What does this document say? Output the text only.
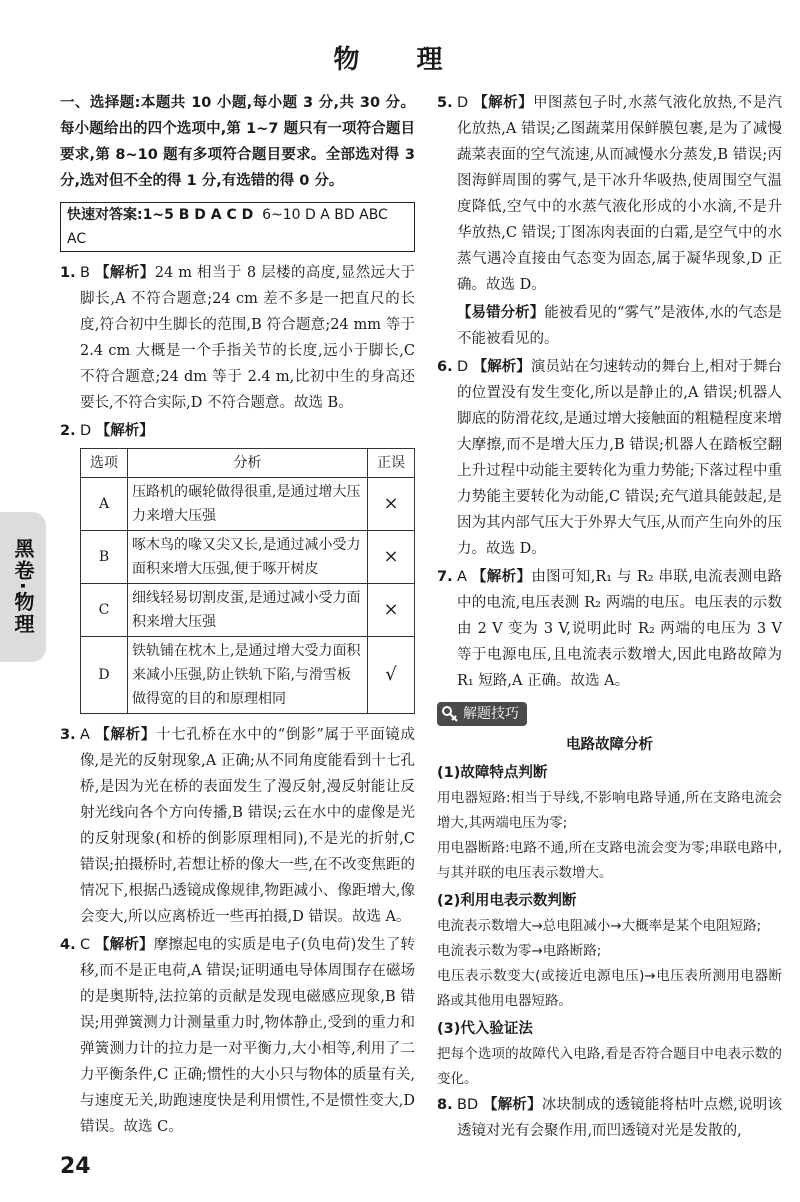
物 理
黑卷·物理

一、选择题:本题共 10 小题,每小题 3 分,共 30 分。每小题给出的四个选项中,第 1~7 题只有一项符合题目要求,第 8~10 题有多项符合题目要求。全部选对得 3 分,选对但不全的得 1 分,有选错的得 0 分。

快速对答案:1~5 B D A C D 6~10 D A BD ABC AC
1. B 【解析】24 m 相当于 8 层楼的高度,显然远大于脚长,A 不符合题意;24 cm 差不多是一把直尺的长度,符合初中生脚长的范围,B 符合题意;24 mm 等于 2.4 cm 大概是一个手指关节的长度,远小于脚长,C 不符合题意;24 dm 等于 2.4 m,比初中生的身高还要长,不符合实际,D 不符合题意。故选 B。

2. D 【解析】

选项	分析	正误
A	压路机的碾轮做得很重,是通过增大压力来增大压强	×
B	啄木鸟的喙又尖又长,是通过减小受力面积来增大压强,便于啄开树皮	×
C	细线轻易切割皮蛋,是通过减小受力面积来增大压强	×
D	铁轨铺在枕木上,是通过增大受力面积来减小压强,防止铁轨下陷,与滑雪板做得宽的目的和原理相同	√
3. A 【解析】十七孔桥在水中的“倒影”属于平面镜成像,是光的反射现象,A 正确;从不同角度能看到十七孔桥,是因为光在桥的表面发生了漫反射,漫反射能让反射光线向各个方向传播,B 错误;云在水中的虚像是光的反射现象(和桥的倒影原理相同),不是光的折射,C 错误;拍摄桥时,若想让桥的像大一些,在不改变焦距的情况下,根据凸透镜成像规律,物距减小、像距增大,像会变大,所以应离桥近一些再拍摄,D 错误。故选 A。

4. C 【解析】摩擦起电的实质是电子(负电荷)发生了转移,而不是正电荷,A 错误;证明通电导体周围存在磁场的是奥斯特,法拉第的贡献是发现电磁感应现象,B 错误;用弹簧测力计测量重力时,物体静止,受到的重力和弹簧测力计的拉力是一对平衡力,大小相等,利用了二力平衡条件,C 正确;惯性的大小只与物体的质量有关,与速度无关,助跑速度快是利用惯性,不是惯性变大,D 错误。故选 C。

5. D 【解析】甲图蒸包子时,水蒸气液化放热,不是汽化放热,A 错误;乙图蔬菜用保鲜膜包裹,是为了减慢蔬菜表面的空气流速,从而减慢水分蒸发,B 错误;丙图海鲜周围的雾气,是干冰升华吸热,使周围空气温度降低,空气中的水蒸气液化形成的小水滴,不是升华放热,C 错误;丁图冻肉表面的白霜,是空气中的水蒸气遇冷直接由气态变为固态,属于凝华现象,D 正确。故选 D。

【易错分析】能被看见的“雾气”是液体,水的气态是不能被看见的。

6. D 【解析】演员站在匀速转动的舞台上,相对于舞台的位置没有发生变化,所以是静止的,A 错误;机器人脚底的防滑花纹,是通过增大接触面的粗糙程度来增大摩擦,而不是增大压力,B 错误;机器人在踏板空翻上升过程中动能主要转化为重力势能;下落过程中重力势能主要转化为动能,C 错误;充气道具能鼓起,是因为其内部气压大于外界大气压,从而产生向外的压力。故选 D。

7. A 【解析】由图可知,R₁ 与 R₂ 串联,电流表测电路中的电流,电压表测 R₂ 两端的电压。电压表的示数由 2 V 变为 3 V,说明此时 R₂ 两端的电压为 3 V 等于电源电压,且电流表示数增大,因此电路故障为 R₁ 短路,A 正确。故选 A。

解题技巧
电路故障分析
(1)故障特点判断

用电器短路:相当于导线,不影响电路导通,所在支路电流会增大,其两端电压为零;

用电器断路:电路不通,所在支路电流会变为零;串联电路中,与其并联的电压表示数增大。

(2)利用电表示数判断

电流表示数增大→总电阻减小→大概率是某个电阻短路;

电流表示数为零→电路断路;

电压表示数变大(或接近电源电压)→电压表所测用电器断路或其他用电器短路。

(3)代入验证法

把每个选项的故障代入电路,看是否符合题目中电表示数的变化。

8. BD 【解析】冰块制成的透镜能将枯叶点燃,说明该透镜对光有会聚作用,而凹透镜对光是发散的,

24
